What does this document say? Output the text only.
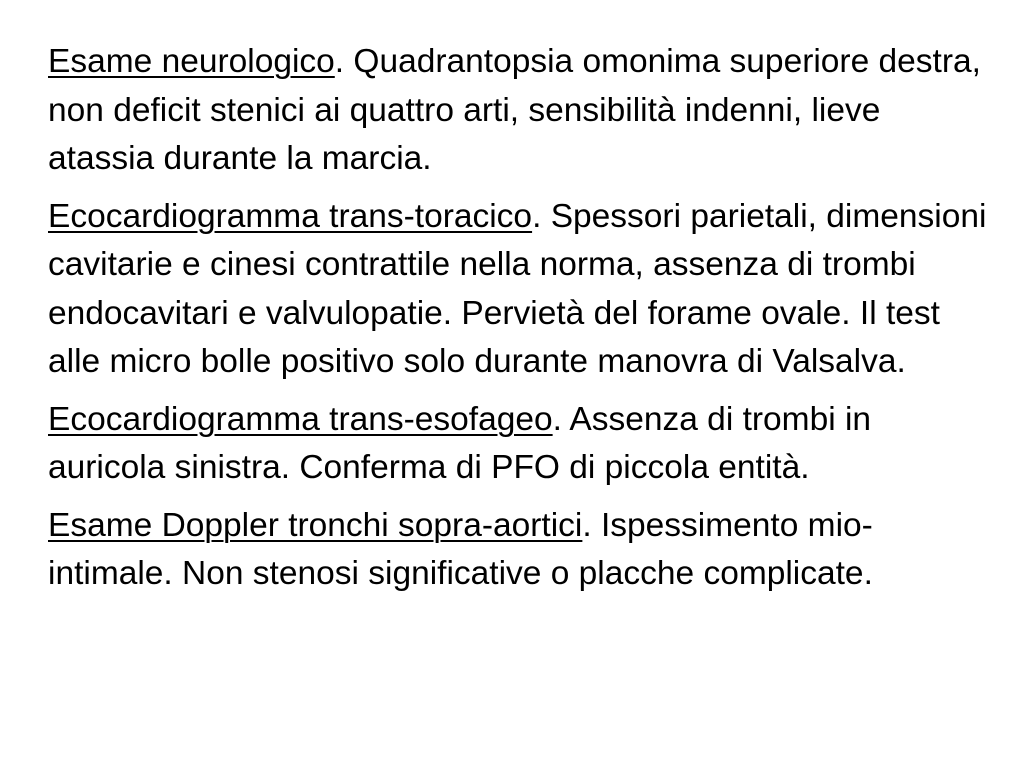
Esame neurologico. Quadrantopsia omonima superiore destra, non deficit stenici ai quattro arti, sensibilità indenni, lieve atassia durante la marcia.

Ecocardiogramma trans-toracico. Spessori parietali, dimensioni cavitarie e cinesi contrattile nella norma, assenza di trombi endocavitari e valvulopatie. Pervietà del forame ovale. Il test alle micro bolle positivo solo durante manovra di Valsalva.

Ecocardiogramma trans-esofageo. Assenza di trombi in auricola sinistra. Conferma di PFO di piccola entità.

Esame Doppler tronchi sopra-aortici. Ispessimento mio-intimale. Non stenosi significative o placche complicate.
